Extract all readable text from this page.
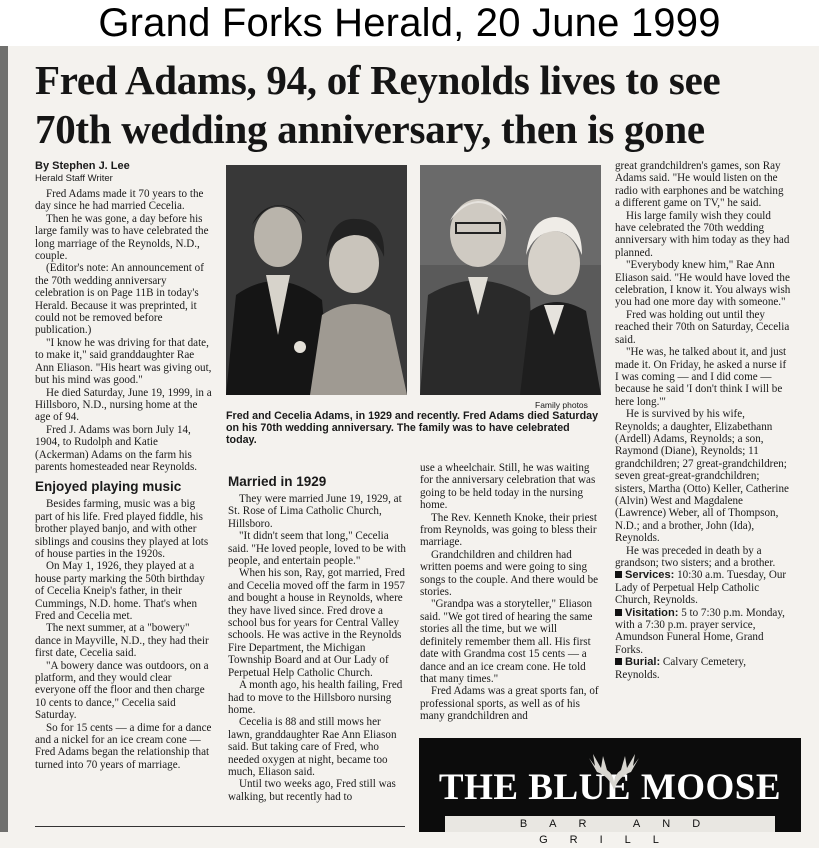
Grand Forks Herald, 20 June 1999
Fred Adams, 94, of Reynolds lives to see 70th wedding anniversary, then is gone
By Stephen J. Lee
Herald Staff Writer

Fred Adams made it 70 years to the day since he had married Cecelia.

Then he was gone, a day before his large family was to have celebrated the long marriage of the Reynolds, N.D., couple.

(Editor's note: An announcement of the 70th wedding anniversary celebration is on Page 11B in today's Herald. Because it was preprinted, it could not be removed before publication.)

"I know he was driving for that date, to make it," said granddaughter Rae Ann Eliason. "His heart was giving out, but his mind was good."

He died Saturday, June 19, 1999, in a Hillsboro, N.D., nursing home at the age of 94.

Fred J. Adams was born July 14, 1904, to Rudolph and Katie (Ackerman) Adams on the farm his parents homesteaded near Reynolds.

Enjoyed playing music

Besides farming, music was a big part of his life. Fred played fiddle, his brother played banjo, and with other siblings and cousins they played at lots of house parties in the 1920s.

On May 1, 1926, they played at a house party marking the 50th birthday of Cecelia Kneip's father, in their Cummings, N.D. home. That's when Fred and Cecelia met.

The next summer, at a "bowery" dance in Mayville, N.D., they had their first date, Cecelia said.

"A bowery dance was outdoors, on a platform, and they would clear everyone off the floor and then charge 10 cents to dance," Cecelia said Saturday.

So for 15 cents — a dime for a dance and a nickel for an ice cream cone — Fred Adams began the relationship that turned into 70 years of marriage.

Family photos
Fred and Cecelia Adams, in 1929 and recently. Fred Adams died Saturday on his 70th wedding anniversary. The family was to have celebrated today.
Married in 1929

They were married June 19, 1929, at St. Rose of Lima Catholic Church, Hillsboro.

"It didn't seem that long," Cecelia said. "He loved people, loved to be with people, and entertain people."

When his son, Ray, got married, Fred and Cecelia moved off the farm in 1957 and bought a house in Reynolds, where they have lived since. Fred drove a school bus for years for Central Valley schools. He was active in the Reynolds Fire Department, the Michigan Township Board and at Our Lady of Perpetual Help Catholic Church.

A month ago, his health failing, Fred had to move to the Hillsboro nursing home.

Cecelia is 88 and still mows her lawn, granddaughter Rae Ann Eliason said. But taking care of Fred, who needed oxygen at night, became too much, Eliason said.

Until two weeks ago, Fred still was walking, but recently had to

use a wheelchair. Still, he was waiting for the anniversary celebration that was going to be held today in the nursing home.

The Rev. Kenneth Knoke, their priest from Reynolds, was going to bless their marriage.

Grandchildren and children had written poems and were going to sing songs to the couple. And there would be stories.

"Grandpa was a storyteller," Eliason said. "We got tired of hearing the same stories all the time, but we will definitely remember them all. His first date with Grandma cost 15 cents — a dance and an ice cream cone. He told that many times."

Fred Adams was a great sports fan, of professional sports, as well as of his many grandchildren and

great grandchildren's games, son Ray Adams said. "He would listen on the radio with earphones and be watching a different game on TV," he said.

His large family wish they could have celebrated the 70th wedding anniversary with him today as they had planned.

"Everybody knew him," Rae Ann Eliason said. "He would have loved the celebration, I know it. You always wish you had one more day with someone."

Fred was holding out until they reached their 70th on Saturday, Cecelia said.

"He was, he talked about it, and just made it. On Friday, he asked a nurse if I was coming — and I did come — because he said 'I don't think I will be here long.'"

He is survived by his wife, Reynolds; a daughter, Elizabethann (Ardell) Adams, Reynolds; a son, Raymond (Diane), Reynolds; 11 grandchildren; 27 great-grandchildren; seven great-great-grandchildren; sisters, Martha (Otto) Keller, Catherine (Alvin) West and Magdalene (Lawrence) Weber, all of Thompson, N.D.; and a brother, John (Ida), Reynolds.

He was preceded in death by a grandson; two sisters; and a brother.

Services: 10:30 a.m. Tuesday, Our Lady of Perpetual Help Catholic Church, Reynolds.

Visitation: 5 to 7:30 p.m. Monday, with a 7:30 p.m. prayer service, Amundson Funeral Home, Grand Forks.

Burial: Calvary Cemetery, Reynolds.

THE BLUE MOOSE
BAR AND GRILL
